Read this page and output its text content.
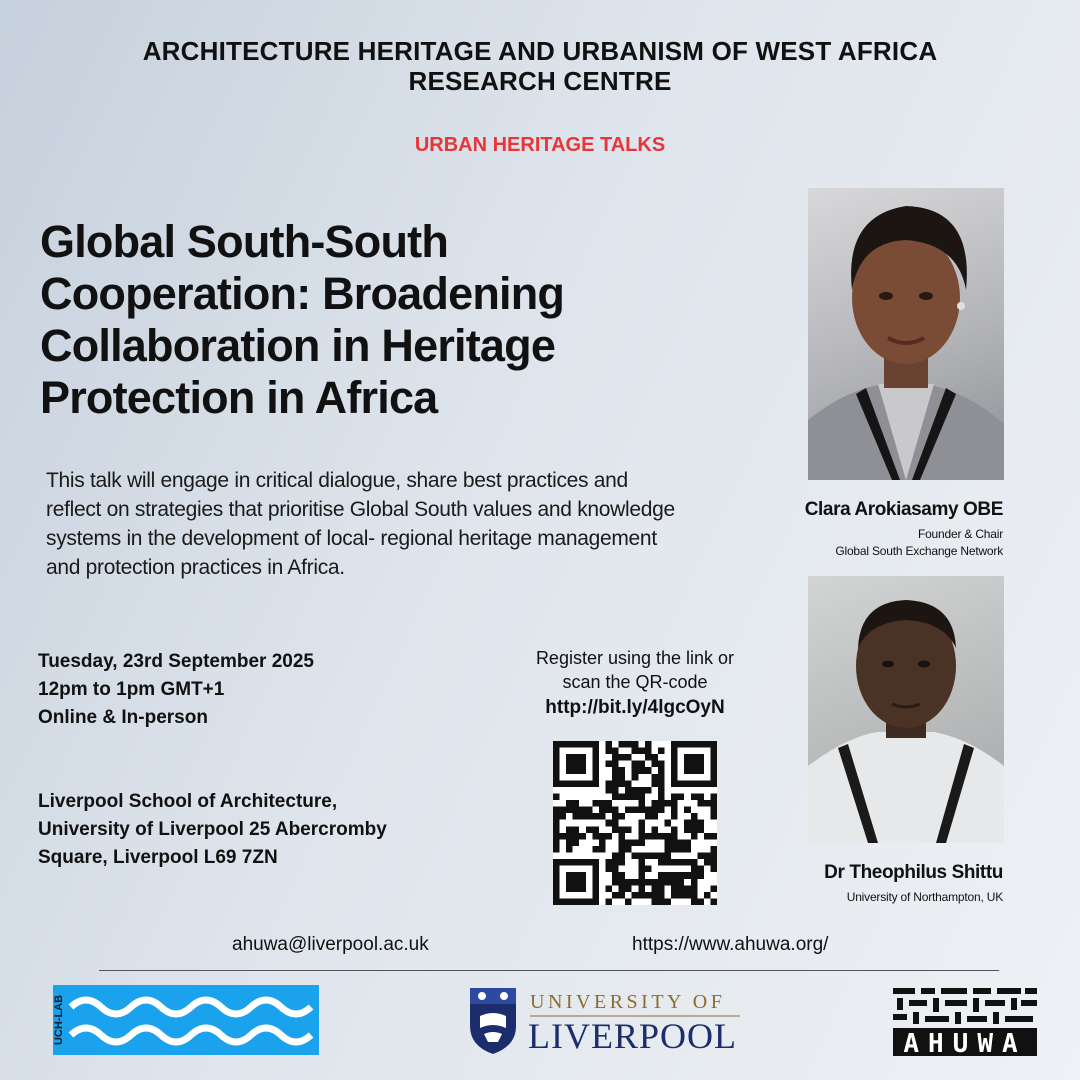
ARCHITECTURE HERITAGE AND URBANISM OF WEST AFRICA
RESEARCH CENTRE
URBAN HERITAGE TALKS
Global South-South
Cooperation: Broadening
Collaboration in Heritage
Protection in Africa
This talk will engage in critical dialogue, share best practices and
reflect on strategies that prioritise Global South values and knowledge
systems in the development of local- regional heritage management
and protection practices in Africa.
Tuesday, 23rd September 2025
12pm to 1pm GMT+1
Online & In-person
Liverpool School of Architecture,
University of Liverpool 25 Abercromby
Square, Liverpool L69 7ZN
Register using the link or
scan the QR-code
http://bit.ly/4lgcOyN
Clara Arokiasamy OBE
Founder & Chair
Global South Exchange Network
Dr Theophilus Shittu
University of Northampton, UK
ahuwa@liverpool.ac.uk	https://www.ahuwa.org/
UCH-LAB	UNIVERSITY OF
LIVERPOOL	AHUWA
